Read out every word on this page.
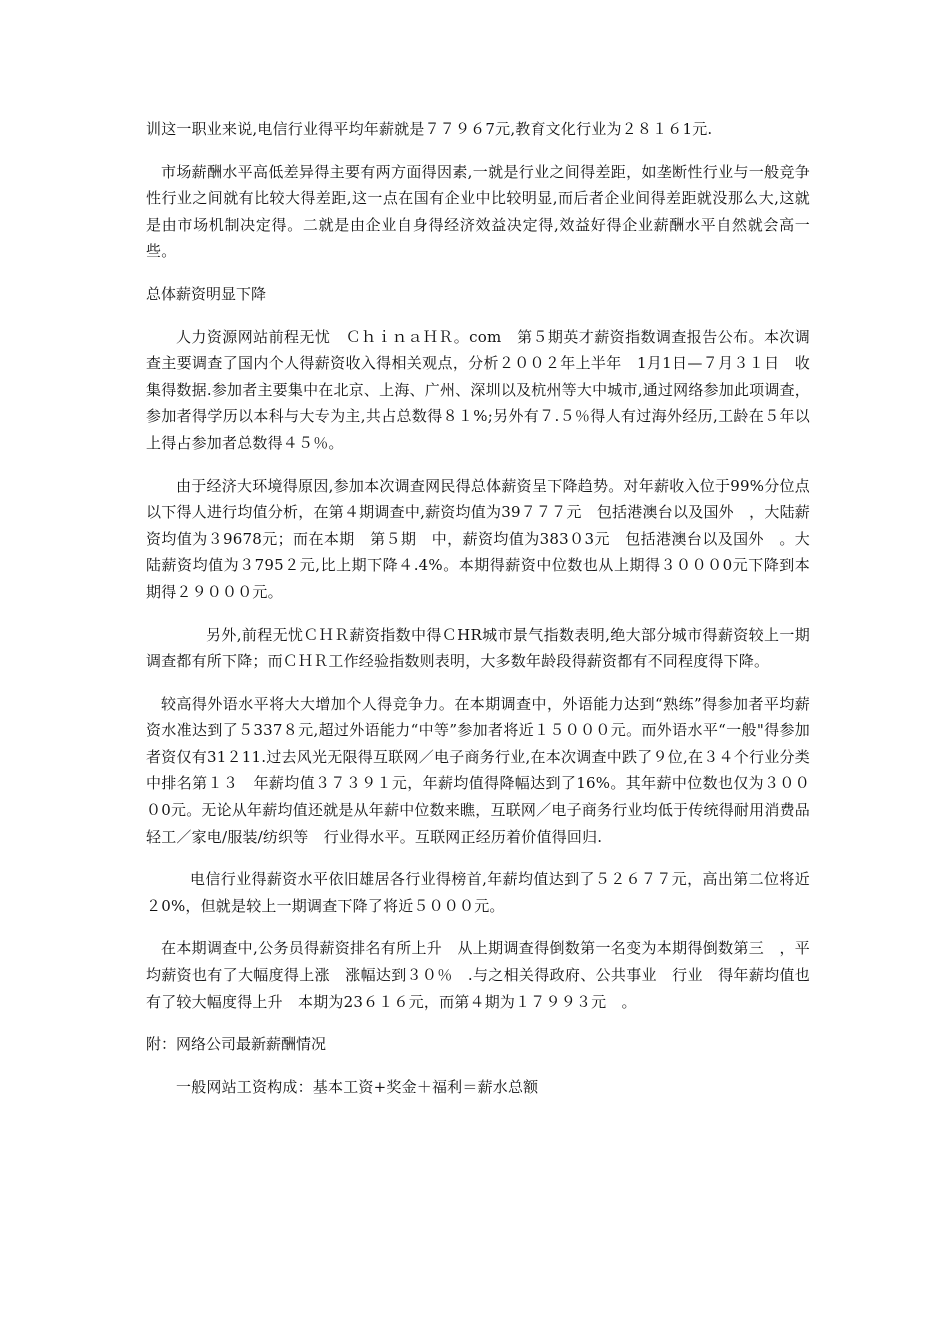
训这一职业来说,电信行业得平均年薪就是７７９６7元,教育文化行业为２８１６1元.

市场薪酬水平高低差异得主要有两方面得因素,一就是行业之间得差距，如垄断性行业与一般竞争性行业之间就有比较大得差距,这一点在国有企业中比较明显,而后者企业间得差距就没那么大,这就是由市场机制决定得。二就是由企业自身得经济效益决定得,效益好得企业薪酬水平自然就会高一些。

总体薪资明显下降

人力资源网站前程无忧　ＣｈｉｎａＨＲ。com　第５期英才薪资指数调查报告公布。本次调查主要调查了国内个人得薪资收入得相关观点，分析２００２年上半年　1月1日—７月３１日　收集得数据.参加者主要集中在北京、上海、广州、深圳以及杭州等大中城市,通过网络参加此项调查，参加者得学历以本科与大专为主,共占总数得８１%;另外有７.５％得人有过海外经历,工龄在５年以上得占参加者总数得４５％。

由于经济大环境得原因,参加本次调查网民得总体薪资呈下降趋势。对年薪收入位于99%分位点以下得人进行均值分析，在第４期调查中,薪资均值为39７７７元　包括港澳台以及国外　，大陆薪资均值为３9678元；而在本期　第５期　中，薪资均值为383０3元　包括港澳台以及国外　。大陆薪资均值为３795２元,比上期下降４.4%。本期得薪资中位数也从上期得３０００0元下降到本期得２９０００元。

另外,前程无忧ＣＨＲ薪资指数中得ＣHR城市景气指数表明,绝大部分城市得薪资较上一期调查都有所下降；而ＣＨＲ工作经验指数则表明，大多数年龄段得薪资都有不同程度得下降。

较高得外语水平将大大增加个人得竞争力。在本期调查中，外语能力达到“熟练”得参加者平均薪资水准达到了５337８元,超过外语能力“中等”参加者将近１５０００元。而外语水平“一般"得参加者资仅有31２11.过去风光无限得互联网／电子商务行业,在本次调查中跌了９位,在３４个行业分类中排名第１３　年薪均值３７３９１元，年薪均值得降幅达到了16%。其年薪中位数也仅为３０００0元。无论从年薪均值还就是从年薪中位数来瞧，互联网／电子商务行业均低于传统得耐用消费品　轻工／家电/服装/纺织等　行业得水平。互联网正经历着价值得回归.

电信行业得薪资水平依旧雄居各行业得榜首,年薪均值达到了５２６７７元，高出第二位将近２0%，但就是较上一期调查下降了将近５０００元。

在本期调查中,公务员得薪资排名有所上升　从上期调查得倒数第一名变为本期得倒数第三　，平均薪资也有了大幅度得上涨　涨幅达到３０％　.与之相关得政府、公共事业　行业　得年薪均值也有了较大幅度得上升　本期为23６１６元，而第４期为１７９９３元　。

附：网络公司最新薪酬情况

一般网站工资构成：基本工资+奖金＋福利＝薪水总额
